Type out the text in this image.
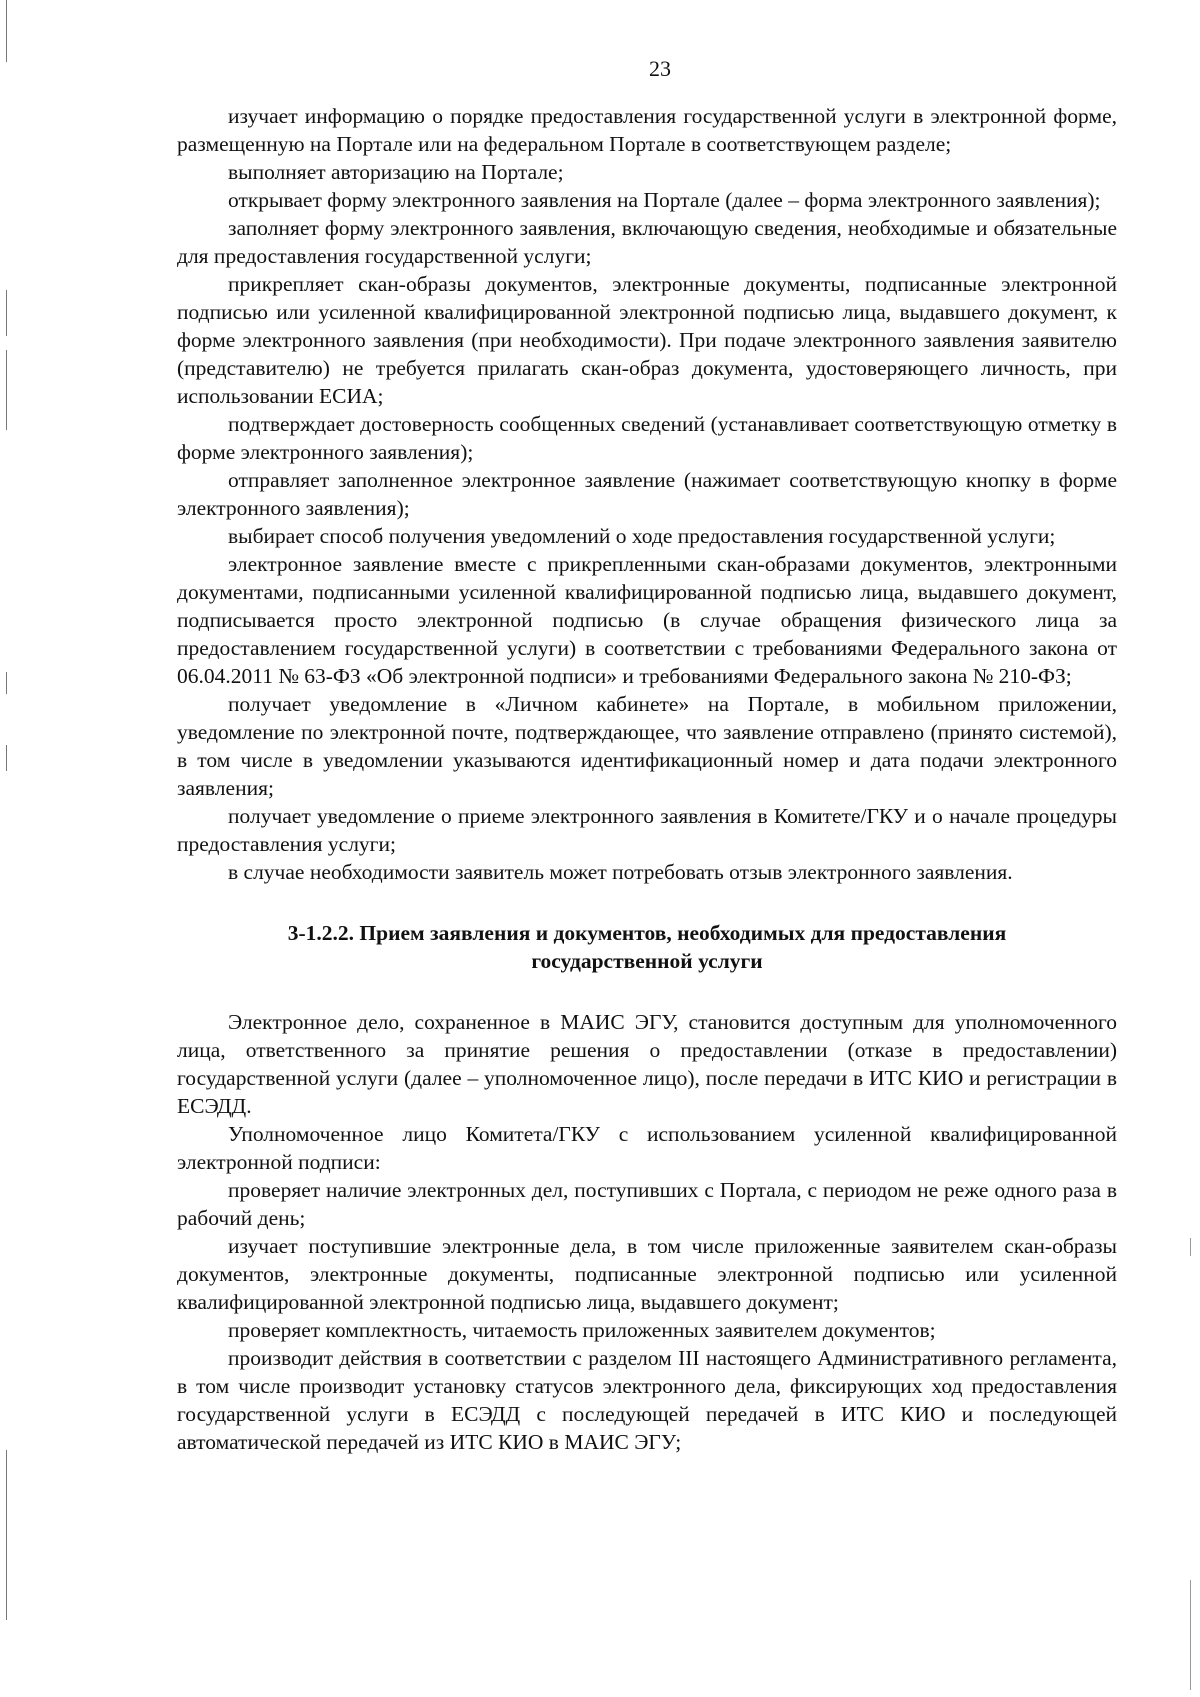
23

изучает информацию о порядке предоставления государственной услуги в электронной форме, размещенную на Портале или на федеральном Портале в соответствующем разделе;

выполняет авторизацию на Портале;

открывает форму электронного заявления на Портале (далее – форма электронного заявления);

заполняет форму электронного заявления, включающую сведения, необходимые и обязательные для предоставления государственной услуги;

прикрепляет скан-образы документов, электронные документы, подписанные электронной подписью или усиленной квалифицированной электронной подписью лица, выдавшего документ, к форме электронного заявления (при необходимости). При подаче электронного заявления заявителю (представителю) не требуется прилагать скан-образ документа, удостоверяющего личность, при использовании ЕСИА;

подтверждает достоверность сообщенных сведений (устанавливает соответствующую отметку в форме электронного заявления);

отправляет заполненное электронное заявление (нажимает соответствующую кнопку в форме электронного заявления);

выбирает способ получения уведомлений о ходе предоставления государственной услуги;

электронное заявление вместе с прикрепленными скан-образами документов, электронными документами, подписанными усиленной квалифицированной подписью лица, выдавшего документ, подписывается просто электронной подписью (в случае обращения физического лица за предоставлением государственной услуги) в соответствии с требованиями Федерального закона от 06.04.2011 № 63-ФЗ «Об электронной подписи» и требованиями Федерального закона № 210-ФЗ;

получает уведомление в «Личном кабинете» на Портале, в мобильном приложении, уведомление по электронной почте, подтверждающее, что заявление отправлено (принято системой), в том числе в уведомлении указываются идентификационный номер и дата подачи электронного заявления;

получает уведомление о приеме электронного заявления в Комитете/ГКУ и о начале процедуры предоставления услуги;

в случае необходимости заявитель может потребовать отзыв электронного заявления.

3-1.2.2. Прием заявления и документов, необходимых для предоставления
государственной услуги

Электронное дело, сохраненное в МАИС ЭГУ, становится доступным для уполномоченного лица, ответственного за принятие решения о предоставлении (отказе в предоставлении) государственной услуги (далее – уполномоченное лицо), после передачи в ИТС КИО и регистрации в ЕСЭДД.

Уполномоченное лицо Комитета/ГКУ с использованием усиленной квалифицированной электронной подписи:

проверяет наличие электронных дел, поступивших с Портала, с периодом не реже одного раза в рабочий день;

изучает поступившие электронные дела, в том числе приложенные заявителем скан-образы документов, электронные документы, подписанные электронной подписью или усиленной квалифицированной электронной подписью лица, выдавшего документ;

проверяет комплектность, читаемость приложенных заявителем документов;

производит действия в соответствии с разделом III настоящего Административного регламента, в том числе производит установку статусов электронного дела, фиксирующих ход предоставления государственной услуги в ЕСЭДД с последующей передачей в ИТС КИО и последующей автоматической передачей из ИТС КИО в МАИС ЭГУ;
